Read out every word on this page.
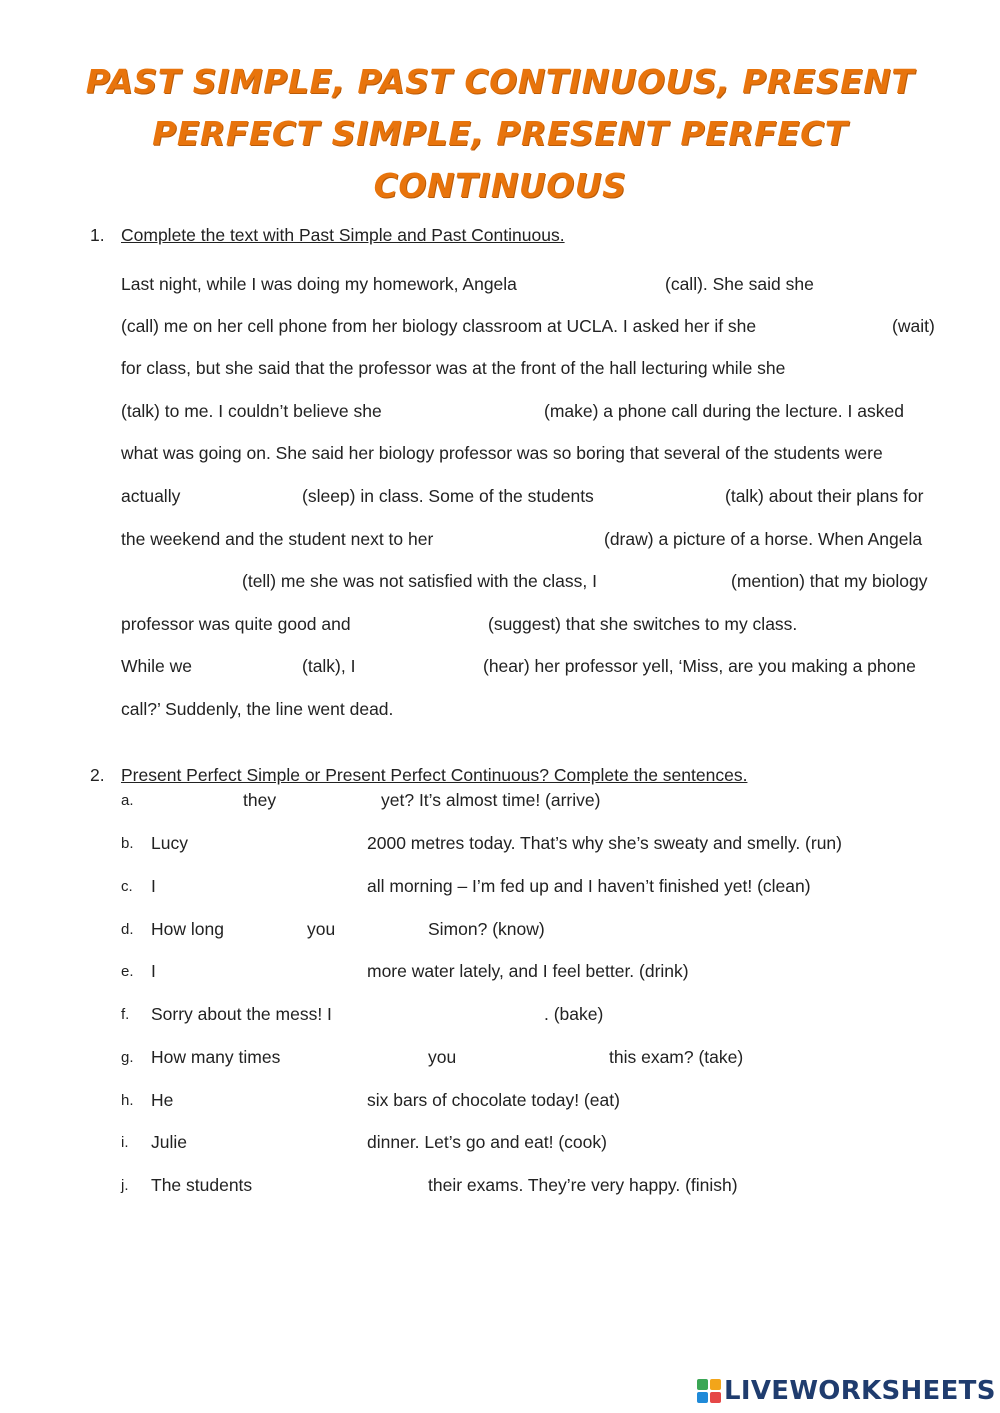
PAST SIMPLE, PAST CONTINUOUS, PRESENT
PERFECT SIMPLE, PRESENT PERFECT
CONTINUOUS
1. Complete the text with Past Simple and Past Continuous.
Last night, while I was doing my homework, Angela	(call). She said she
(call) me on her cell phone from her biology classroom at UCLA. I asked her if she	(wait)
for class, but she said that the professor was at the front of the hall lecturing while she
(talk) to me. I couldn’t believe she	(make) a phone call during the lecture. I asked
what was going on. She said her biology professor was so boring that several of the students were
actually	(sleep) in class. Some of the students	(talk) about their plans for
the weekend and the student next to her	(draw) a picture of a horse. When Angela
(tell) me she was not satisfied with the class, I	(mention) that my biology
professor was quite good and	(suggest) that she switches to my class.
While we	(talk), I	(hear) her professor yell, ‘Miss, are you making a phone
call?’ Suddenly, the line went dead.
2. Present Perfect Simple or Present Perfect Continuous? Complete the sentences.
a.	they	yet? It’s almost time! (arrive)
b. Lucy	2000 metres today. That’s why she’s sweaty and smelly. (run)
c. I	all morning – I’m fed up and I haven’t finished yet! (clean)
d. How long	you	Simon? (know)
e. I	more water lately, and I feel better. (drink)
f. Sorry about the mess! I	. (bake)
g. How many times	you	this exam? (take)
h. He	six bars of chocolate today! (eat)
i. Julie	dinner. Let’s go and eat! (cook)
j. The students	their exams. They’re very happy. (finish)
LIVEWORKSHEETS
